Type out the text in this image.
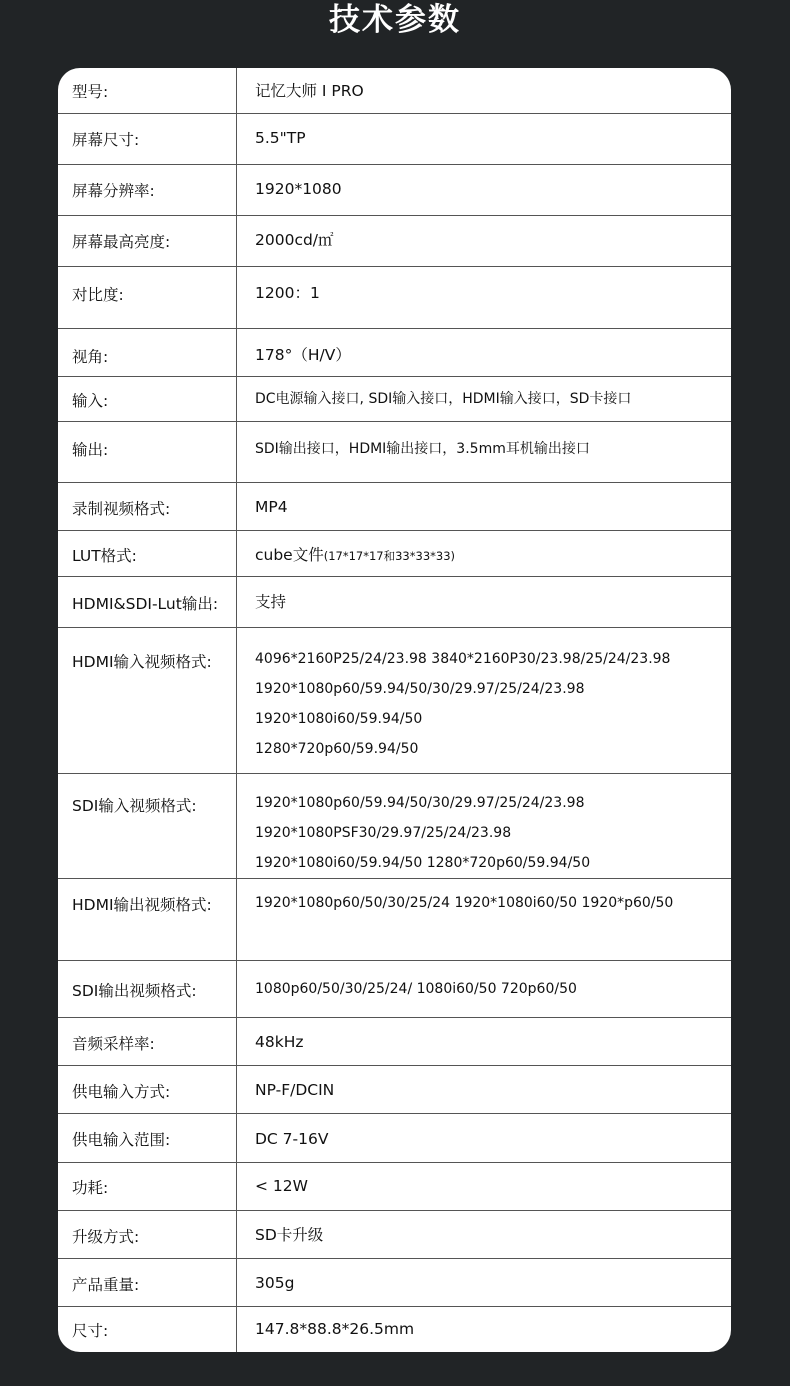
技术参数
型号:	记忆大师 I PRO
屏幕尺寸:	5.5"TP
屏幕分辨率:	1920*1080
屏幕最高亮度:	2000cd/㎡
对比度:	1200：1
视角:	178°（H/V）
输入:	DC电源输入接口, SDI输入接口，HDMI输入接口，SD卡接口
输出:	SDI输出接口，HDMI输出接口，3.5mm耳机输出接口
录制视频格式:	MP4
LUT格式:	cube文件(17*17*17和33*33*33)
HDMI&SDI-Lut输出: 支持
HDMI输入视频格式:	4096*2160P25/24/23.98 3840*2160P30/23.98/25/24/23.98
1920*1080p60/59.94/50/30/29.97/25/24/23.98
1920*1080i60/59.94/50
1280*720p60/59.94/50
SDI输入视频格式:	1920*1080p60/59.94/50/30/29.97/25/24/23.98
1920*1080PSF30/29.97/25/24/23.98
1920*1080i60/59.94/50 1280*720p60/59.94/50
HDMI输出视频格式:	1920*1080p60/50/30/25/24 1920*1080i60/50 1920*p60/50
SDI输出视频格式:	1080p60/50/30/25/24/ 1080i60/50 720p60/50
音频采样率:	48kHz
供电输入方式:	NP-F/DCIN
供电输入范围:	DC 7-16V
功耗:	< 12W
升级方式:	SD卡升级
产品重量:	305g
尺寸:	147.8*88.8*26.5mm
